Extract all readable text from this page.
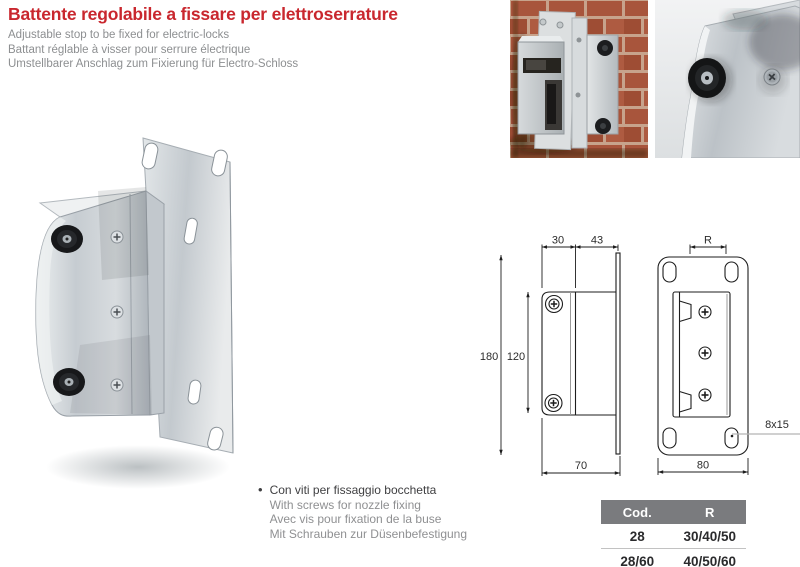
Battente regolabile a fissare per elettroserrature
Adjustable stop to be fixed for electric-locks
Battant réglable à visser pour serrure électrique
Umstellbarer Anschlag zum Fixierung für Electro-Schloss
30 43
180 120
70
R
80
8x15
• Con viti per fissaggio bocchetta
With screws for nozzle fixing
Avec vis pour fixation de la buse
Mit Schrauben zur Düsenbefestigung
Cod.	R
28	30/40/50
28/60	40/50/60
